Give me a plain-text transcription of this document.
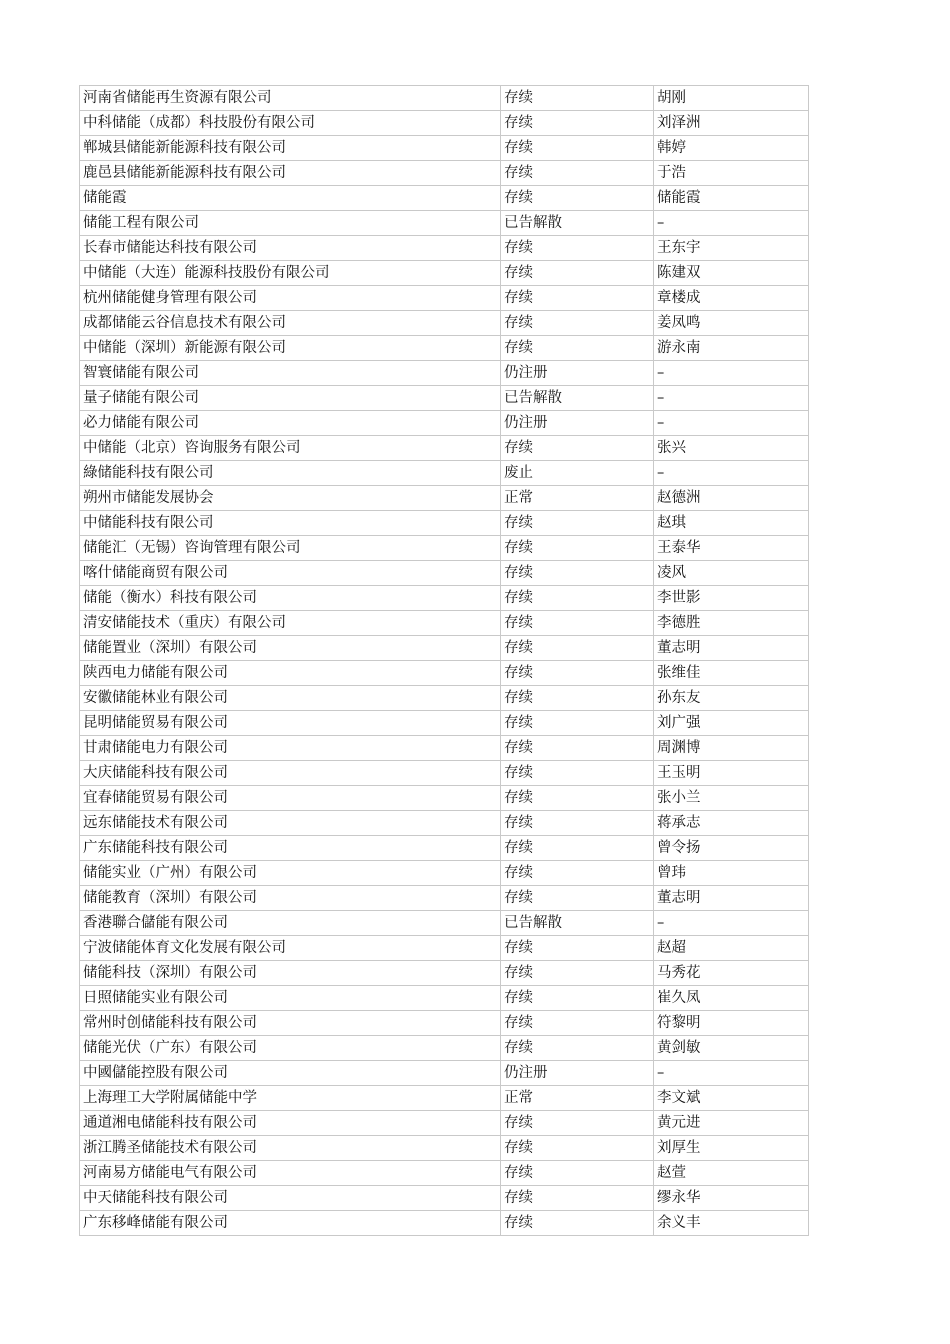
河南省储能再生资源有限公司	存续	胡刚
中科储能（成都）科技股份有限公司	存续	刘泽洲
郸城县储能新能源科技有限公司	存续	韩婷
鹿邑县储能新能源科技有限公司	存续	于浩
储能霞	存续	储能霞
储能工程有限公司	已告解散	–
长春市储能达科技有限公司	存续	王东宇
中储能（大连）能源科技股份有限公司	存续	陈建双
杭州储能健身管理有限公司	存续	章楼成
成都储能云谷信息技术有限公司	存续	姜凤鸣
中储能（深圳）新能源有限公司	存续	游永南
智寰储能有限公司	仍注册	–
量子储能有限公司	已告解散	–
必力储能有限公司	仍注册	–
中储能（北京）咨询服务有限公司	存续	张兴
綠储能科技有限公司	废止	–
朔州市储能发展协会	正常	赵德洲
中储能科技有限公司	存续	赵琪
储能汇（无锡）咨询管理有限公司	存续	王泰华
喀什储能商贸有限公司	存续	凌风
储能（衡水）科技有限公司	存续	李世影
清安储能技术（重庆）有限公司	存续	李德胜
储能置业（深圳）有限公司	存续	董志明
陕西电力储能有限公司	存续	张维佳
安徽储能林业有限公司	存续	孙东友
昆明储能贸易有限公司	存续	刘广强
甘肃储能电力有限公司	存续	周渊博
大庆储能科技有限公司	存续	王玉明
宜春储能贸易有限公司	存续	张小兰
远东储能技术有限公司	存续	蒋承志
广东储能科技有限公司	存续	曾令扬
储能实业（广州）有限公司	存续	曾玮
储能教育（深圳）有限公司	存续	董志明
香港聯合儲能有限公司	已告解散	–
宁波储能体育文化发展有限公司	存续	赵超
储能科技（深圳）有限公司	存续	马秀花
日照储能实业有限公司	存续	崔久凤
常州时创储能科技有限公司	存续	符黎明
储能光伏（广东）有限公司	存续	黄剑敏
中國儲能控股有限公司	仍注册	–
上海理工大学附属储能中学	正常	李文斌
通道湘电储能科技有限公司	存续	黄元进
浙江腾圣储能技术有限公司	存续	刘厚生
河南易方储能电气有限公司	存续	赵萱
中天储能科技有限公司	存续	缪永华
广东移峰储能有限公司	存续	余义丰
